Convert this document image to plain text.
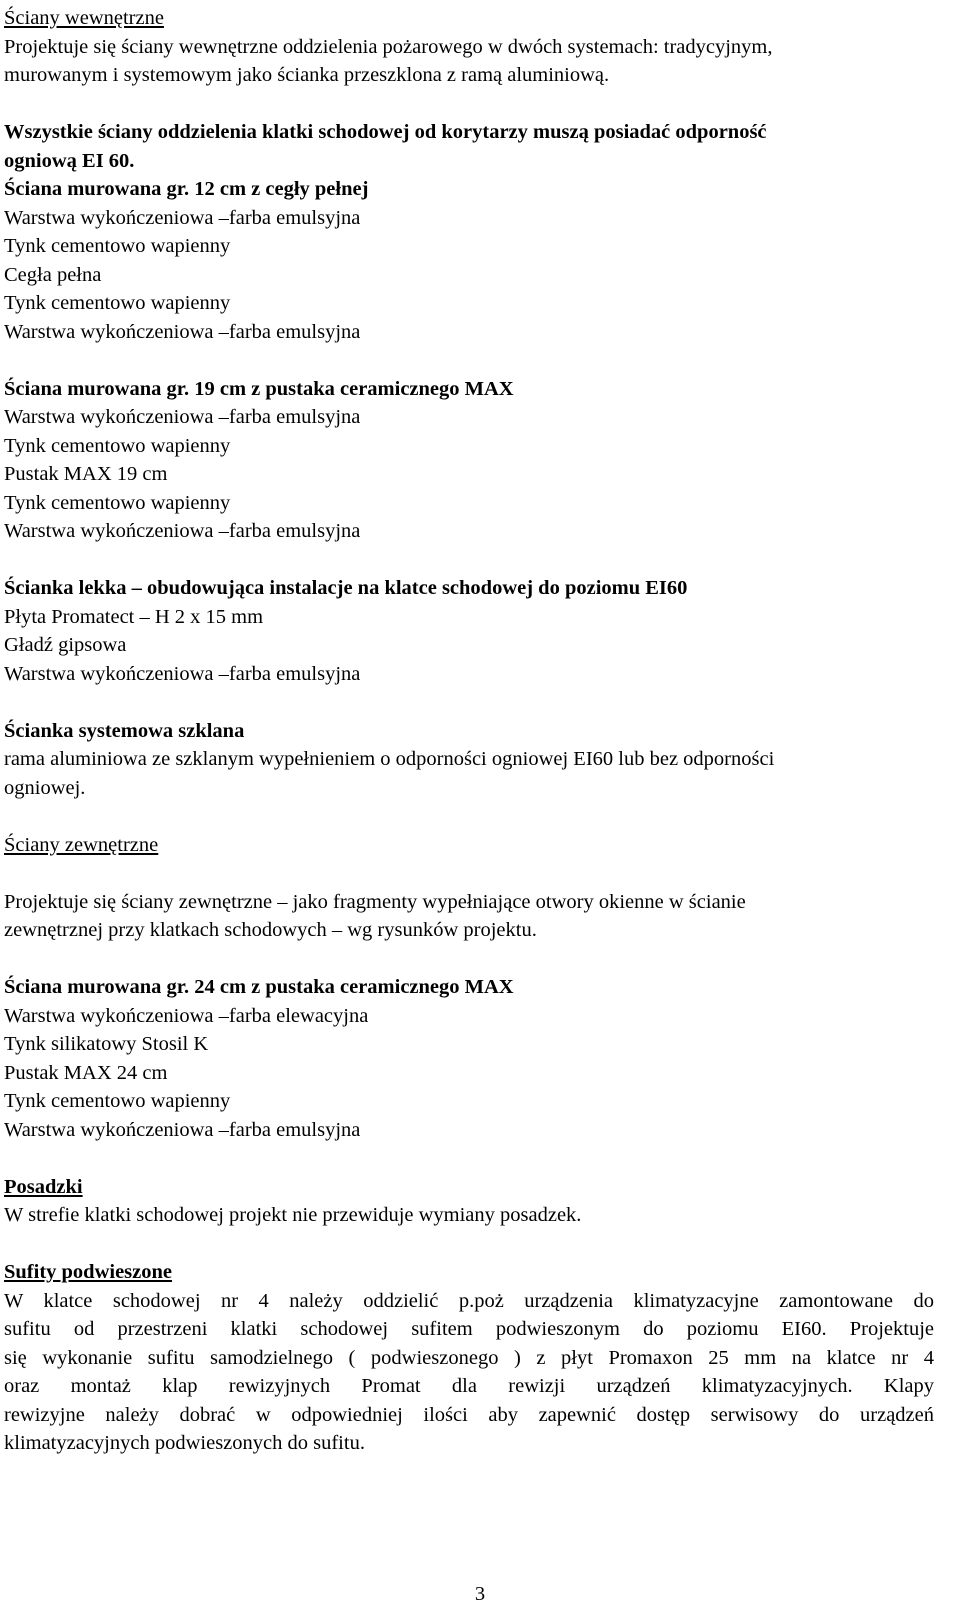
Ściany wewnętrzne
Projektuje się ściany wewnętrzne oddzielenia pożarowego w dwóch systemach: tradycyjnym,
murowanym i systemowym jako ścianka przeszklona z ramą aluminiową.
Wszystkie ściany oddzielenia klatki schodowej od korytarzy muszą posiadać odporność
ogniową EI 60.
Ściana murowana gr. 12 cm z cegły pełnej
Warstwa wykończeniowa –farba emulsyjna
Tynk cementowo wapienny
Cegła pełna
Tynk cementowo wapienny
Warstwa wykończeniowa –farba emulsyjna
Ściana murowana gr. 19 cm z pustaka ceramicznego MAX
Warstwa wykończeniowa –farba emulsyjna
Tynk cementowo wapienny
Pustak MAX 19 cm
Tynk cementowo wapienny
Warstwa wykończeniowa –farba emulsyjna
Ścianka lekka – obudowująca instalacje na klatce schodowej do poziomu EI60
Płyta Promatect – H 2 x 15 mm
Gładź gipsowa
Warstwa wykończeniowa –farba emulsyjna
Ścianka systemowa szklana
rama aluminiowa ze szklanym wypełnieniem o odporności ogniowej EI60 lub bez odporności
ogniowej.
Ściany zewnętrzne
Projektuje się ściany zewnętrzne – jako fragmenty wypełniające otwory okienne w ścianie
zewnętrznej przy klatkach schodowych – wg rysunków projektu.
Ściana murowana gr. 24 cm z pustaka ceramicznego MAX
Warstwa wykończeniowa –farba elewacyjna
Tynk silikatowy Stosil K
Pustak MAX 24 cm
Tynk cementowo wapienny
Warstwa wykończeniowa –farba emulsyjna
Posadzki
W strefie klatki schodowej projekt nie przewiduje wymiany posadzek.
Sufity podwieszone
W klatce schodowej nr 4 należy oddzielić p.poż urządzenia klimatyzacyjne zamontowane do
sufitu od przestrzeni klatki schodowej sufitem podwieszonym do poziomu EI60. Projektuje
się wykonanie sufitu samodzielnego ( podwieszonego ) z płyt Promaxon 25 mm na klatce nr 4
oraz montaż klap rewizyjnych Promat dla rewizji urządzeń klimatyzacyjnych. Klapy
rewizyjne należy dobrać w odpowiedniej ilości aby zapewnić dostęp serwisowy do urządzeń
klimatyzacyjnych podwieszonych do sufitu.
3
